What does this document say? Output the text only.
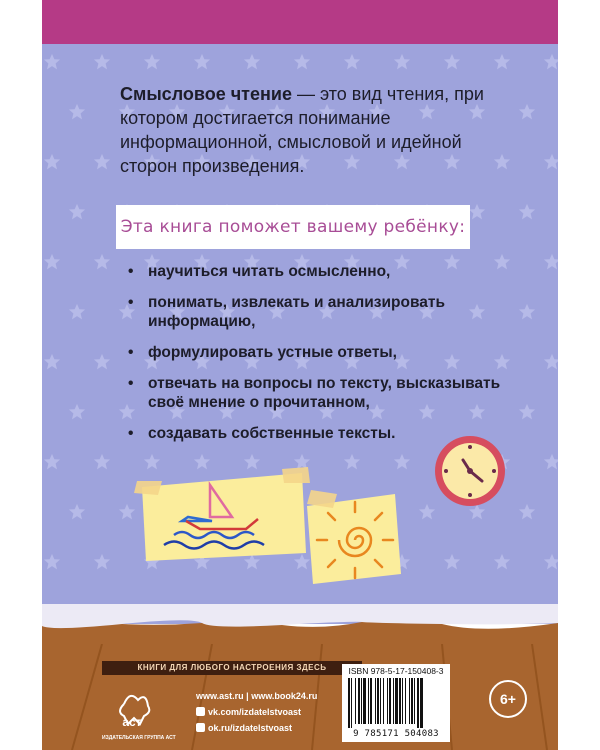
Смысловое чтение — это вид чтения, при котором достигается понимание информационной, смысловой и идейной сторон произведения.
Эта книга поможет вашему ребёнку:
• научиться читать осмысленно,
• понимать, извлекать и анализировать информацию,
• формулировать устные ответы,
• отвечать на вопросы по тексту, высказывать своё мнение о прочитанном,
• создавать собственные тексты.
КНИГИ ДЛЯ ЛЮБОГО НАСТРОЕНИЯ ЗДЕСЬ
аст
ИЗДАТЕЛЬСКАЯ ГРУППА АСТ
www.ast.ru | www.book24.ru
vk.com/izdatelstvoast
ok.ru/izdatelstvoast
ISBN 978-5-17-150408-3
9 785171 504083
6+
